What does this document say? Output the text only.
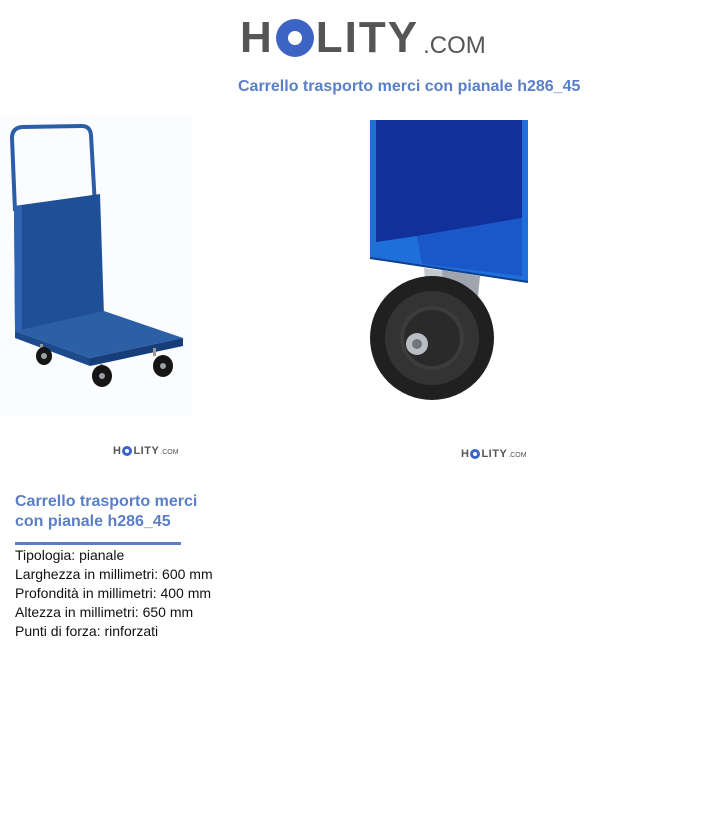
H LITY .COM
Carrello trasporto merci con pianale h286_45
H LITY .COM	H LITY .COM
Carrello trasporto merci con pianale h286_45
Tipologia: pianale
Larghezza in millimetri: 600 mm
Profondità in millimetri: 400 mm
Altezza in millimetri: 650 mm
Punti di forza: rinforzati
